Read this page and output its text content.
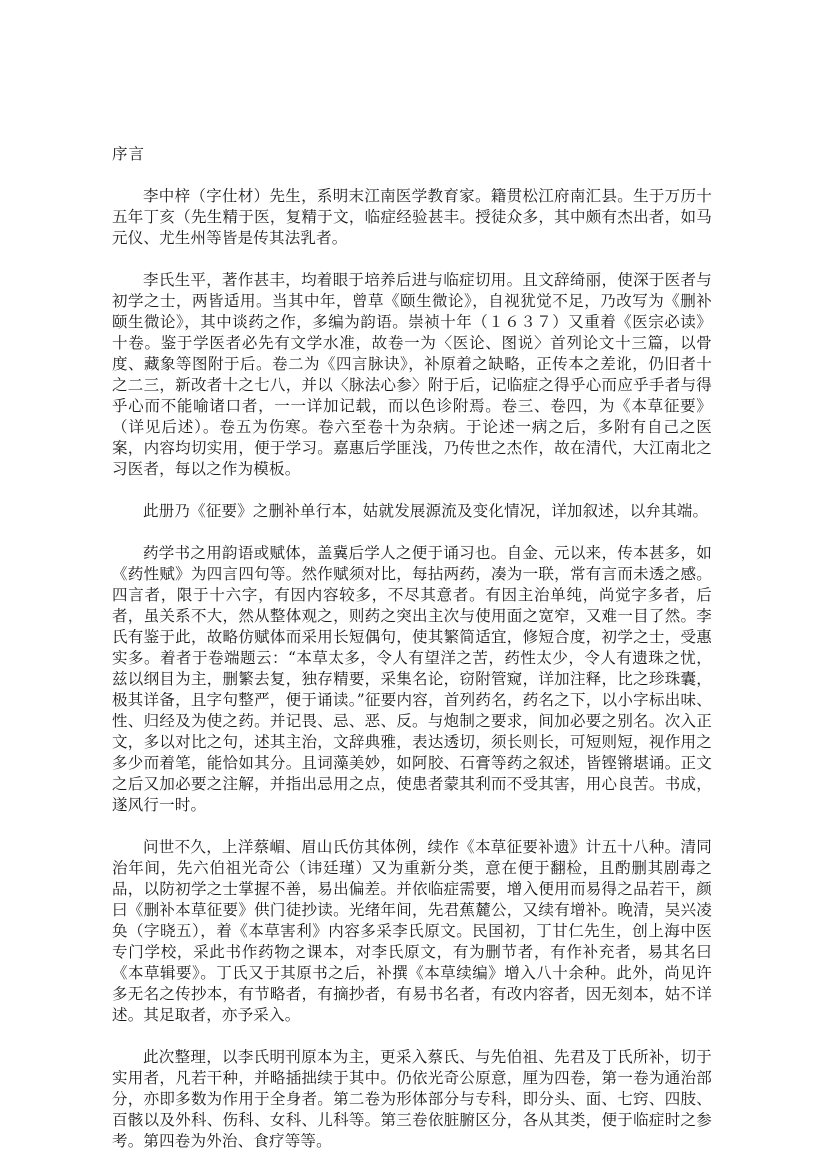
序言

李中梓（字仕材）先生，系明末江南医学教育家。籍贯松江府南汇县。生于万历十五年丁亥（先生精于医，复精于文，临症经验甚丰。授徒众多，其中颇有杰出者，如马元仪、尤生州等皆是传其法乳者。

李氏生平，著作甚丰，均着眼于培养后进与临症切用。且文辞绮丽，使深于医者与初学之士，两皆适用。当其中年，曾草《颐生微论》，自视犹觉不足，乃改写为《删补颐生微论》，其中谈药之作，多编为韵语。崇祯十年（１６３７）又重着《医宗必读》十卷。鉴于学医者必先有文学水准，故卷一为〈医论、图说〉首列论文十三篇，以骨度、藏象等图附于后。卷二为《四言脉诀》，补原着之缺略，正传本之差讹，仍旧者十之二三，新改者十之七八，并以〈脉法心参〉附于后，记临症之得乎心而应乎手者与得乎心而不能喻诸口者，一一详加记载，而以色诊附焉。卷三、卷四，为《本草征要》（详见后述）。卷五为伤寒。卷六至卷十为杂病。于论述一病之后，多附有自己之医案，内容均切实用，便于学习。嘉惠后学匪浅，乃传世之杰作，故在清代，大江南北之习医者，每以之作为模板。

此册乃《征要》之删补单行本，姑就发展源流及变化情况，详加叙述，以弁其端。

药学书之用韵语或赋体，盖冀后学人之便于诵习也。自金、元以来，传本甚多，如《药性赋》为四言四句等。然作赋须对比，每拈两药，凑为一联，常有言而未透之感。四言者，限于十六字，有因内容较多，不尽其意者。有因主治单纯，尚觉字多者，后者，虽关系不大，然从整体观之，则药之突出主次与使用面之宽窄，又难一目了然。李氏有鉴于此，故略仿赋体而采用长短偶句，使其繁简适宜，修短合度，初学之士，受惠实多。着者于卷端题云：“本草太多，令人有望洋之苦，药性太少，令人有遗珠之忧，兹以纲目为主，删繁去复，独存精要，采集名论，窃附管窥，详加注释，比之珍珠囊，极其详备，且字句整严，便于诵读。”征要内容，首列药名，药名之下，以小字标出味、性、归经及为使之药。并记畏、忌、恶、反。与炮制之要求，间加必要之别名。次入正文，多以对比之句，述其主治，文辞典雅，表达透切，须长则长，可短则短，视作用之多少而着笔，能恰如其分。且词藻美妙，如阿胶、石膏等药之叙述，皆铿锵堪诵。正文之后又加必要之注解，并指出忌用之点，使患者蒙其利而不受其害，用心良苦。书成，遂风行一时。

问世不久，上洋蔡嵋、眉山氏仿其体例，续作《本草征要补遗》计五十八种。清同治年间，先六伯祖光奇公（讳廷瑾）又为重新分类，意在便于翻检，且酌删其剧毒之品，以防初学之士掌握不善，易出偏差。并依临症需要，增入便用而易得之品若干，颜曰《删补本草征要》供门徒抄读。光绪年间，先君蕉麓公，又续有增补。晚清，吴兴凌奂（字晓五），着《本草害利》内容多采李氏原文。民国初，丁甘仁先生，创上海中医专门学校，采此书作药物之课本，对李氏原文，有为删节者，有作补充者，易其名曰《本草辑要》。丁氏又于其原书之后，补撰《本草续编》增入八十余种。此外，尚见许多无名之传抄本，有节略者，有摘抄者，有易书名者，有改内容者，因无刻本，姑不详述。其足取者，亦予采入。

此次整理，以李氏明刊原本为主，更采入蔡氏、与先伯祖、先君及丁氏所补，切于实用者，凡若干种，并略插拙续于其中。仍依光奇公原意，厘为四卷，第一卷为通治部分，亦即多数为作用于全身者。第二卷为形体部分与专科，即分头、面、七窍、四肢、百骸以及外科、伤科、女科、儿科等。第三卷依脏腑区分，各从其类，便于临症时之参考。第四卷为外治、食疗等等。
